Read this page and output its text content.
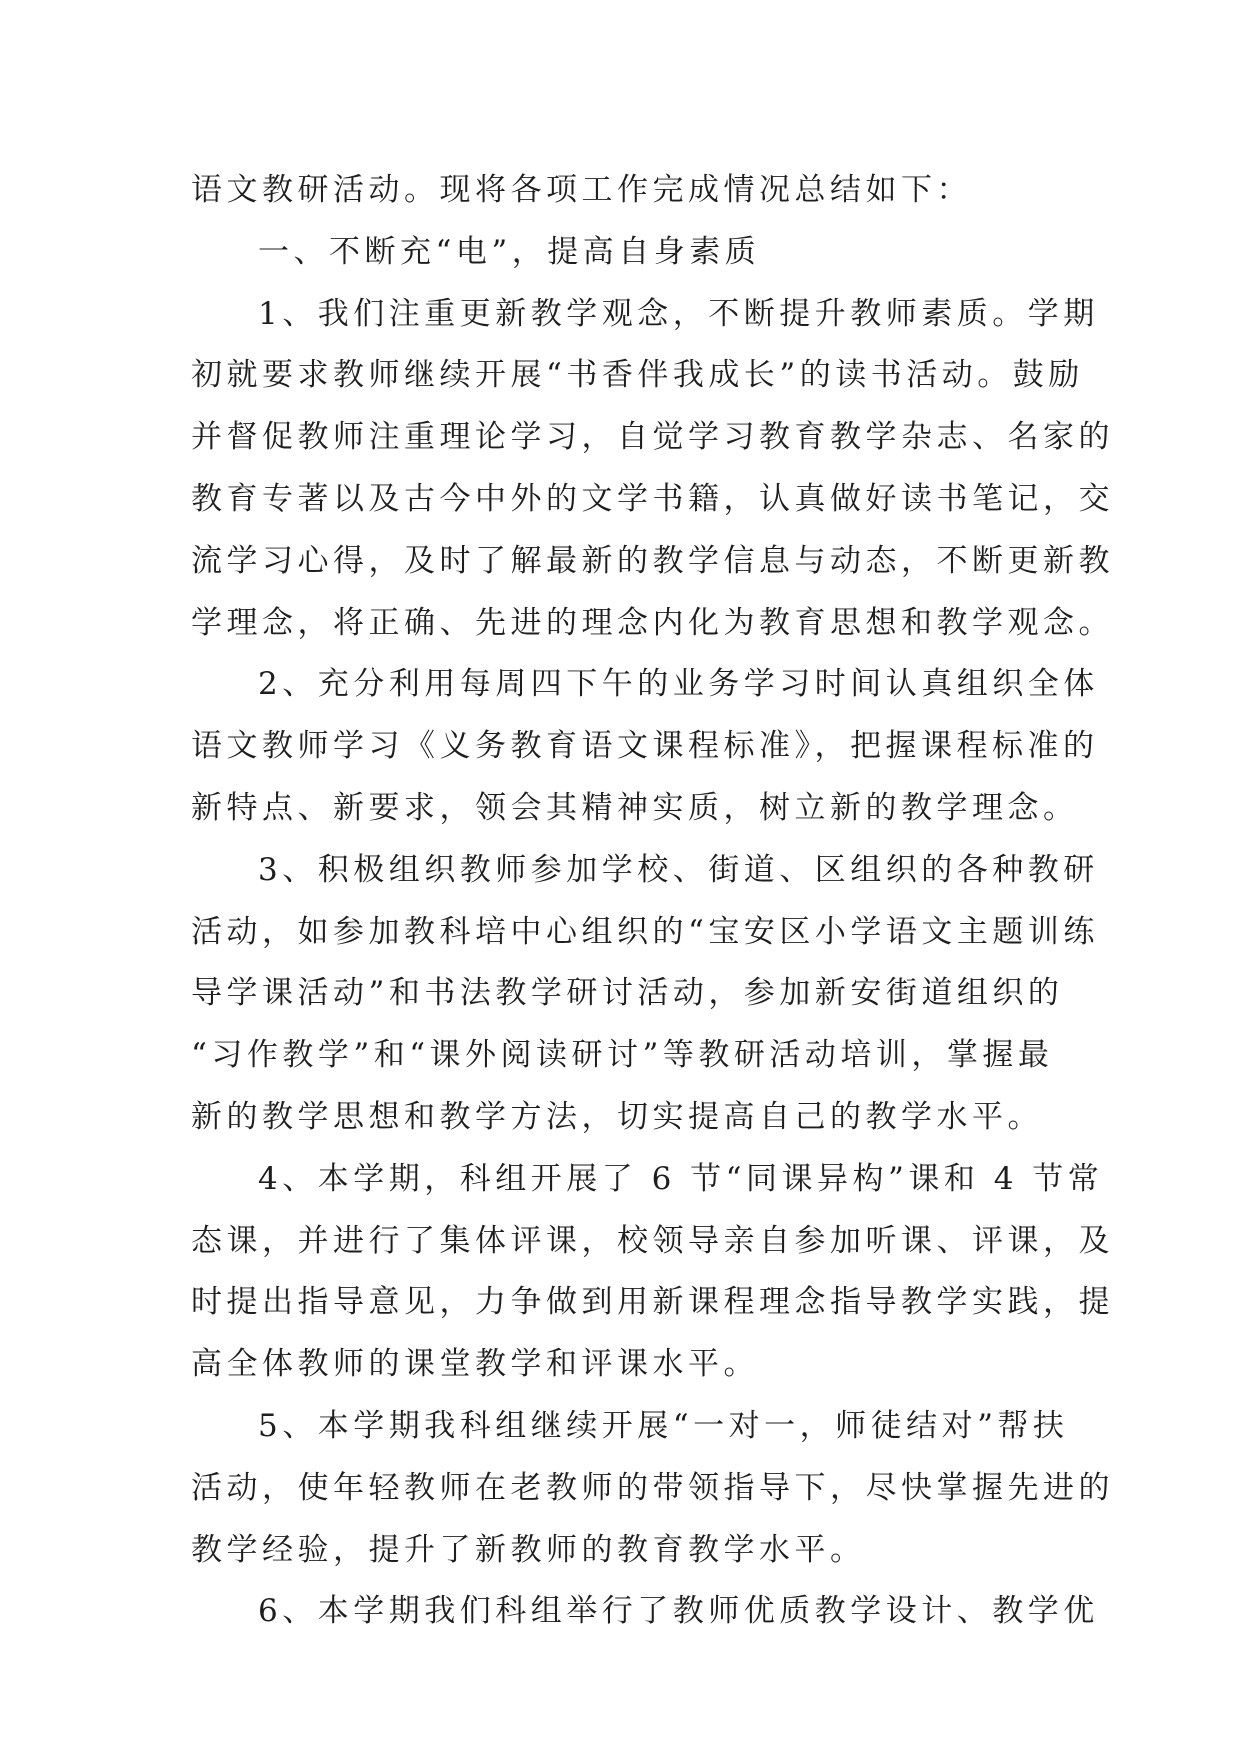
语文教研活动。现将各项工作完成情况总结如下：
一、不断充“电”，提高自身素质
1、我们注重更新教学观念，不断提升教师素质。学期
初就要求教师继续开展“书香伴我成长”的读书活动。鼓励
并督促教师注重理论学习，自觉学习教育教学杂志、名家的
教育专著以及古今中外的文学书籍，认真做好读书笔记，交
流学习心得，及时了解最新的教学信息与动态，不断更新教
学理念，将正确、先进的理念内化为教育思想和教学观念。
2、充分利用每周四下午的业务学习时间认真组织全体
语文教师学习《义务教育语文课程标准》，把握课程标准的
新特点、新要求，领会其精神实质，树立新的教学理念。
3、积极组织教师参加学校、街道、区组织的各种教研
活动，如参加教科培中心组织的“宝安区小学语文主题训练
导学课活动”和书法教学研讨活动，参加新安街道组织的
“习作教学”和“课外阅读研讨”等教研活动培训，掌握最
新的教学思想和教学方法，切实提高自己的教学水平。
4、本学期，科组开展了 6 节“同课异构”课和 4 节常
态课，并进行了集体评课，校领导亲自参加听课、评课，及
时提出指导意见，力争做到用新课程理念指导教学实践，提
高全体教师的课堂教学和评课水平。
5、本学期我科组继续开展“一对一，师徒结对”帮扶
活动，使年轻教师在老教师的带领指导下，尽快掌握先进的
教学经验，提升了新教师的教育教学水平。
6、本学期我们科组举行了教师优质教学设计、教学优
